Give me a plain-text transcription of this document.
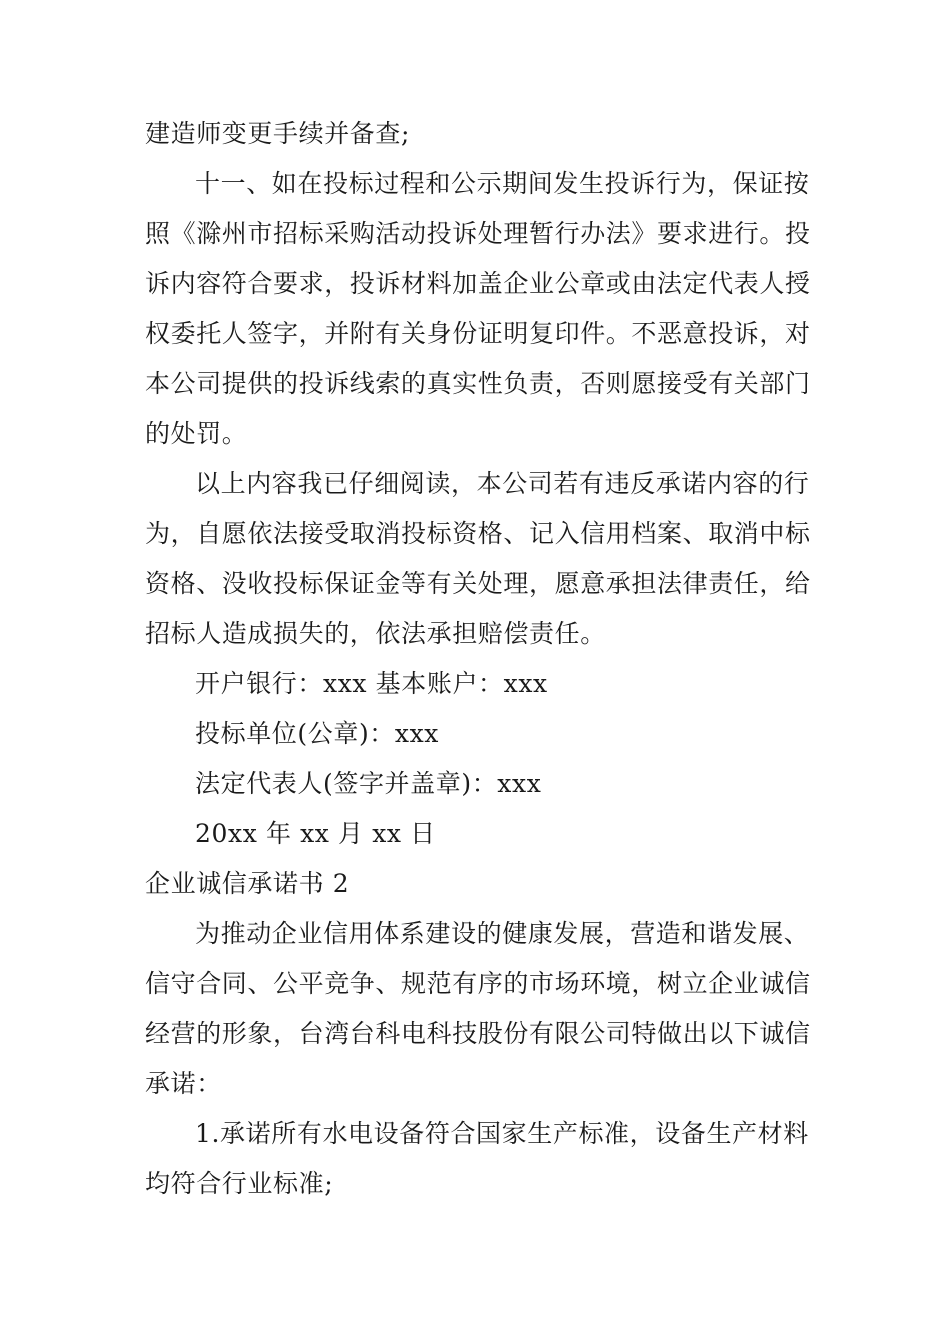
建造师变更手续并备查;
十一、如在投标过程和公示期间发生投诉行为，保证按
照《滁州市招标采购活动投诉处理暂行办法》要求进行。投
诉内容符合要求，投诉材料加盖企业公章或由法定代表人授
权委托人签字，并附有关身份证明复印件。不恶意投诉，对
本公司提供的投诉线索的真实性负责，否则愿接受有关部门
的处罚。
以上内容我已仔细阅读，本公司若有违反承诺内容的行
为，自愿依法接受取消投标资格、记入信用档案、取消中标
资格、没收投标保证金等有关处理，愿意承担法律责任，给
招标人造成损失的，依法承担赔偿责任。
开户银行：xxx 基本账户：xxx
投标单位(公章)：xxx
法定代表人(签字并盖章)：xxx
20xx 年 xx 月 xx 日
企业诚信承诺书 2
为推动企业信用体系建设的健康发展，营造和谐发展、
信守合同、公平竞争、规范有序的市场环境，树立企业诚信
经营的形象，台湾台科电科技股份有限公司特做出以下诚信
承诺：
1.承诺所有水电设备符合国家生产标准，设备生产材料
均符合行业标准;
